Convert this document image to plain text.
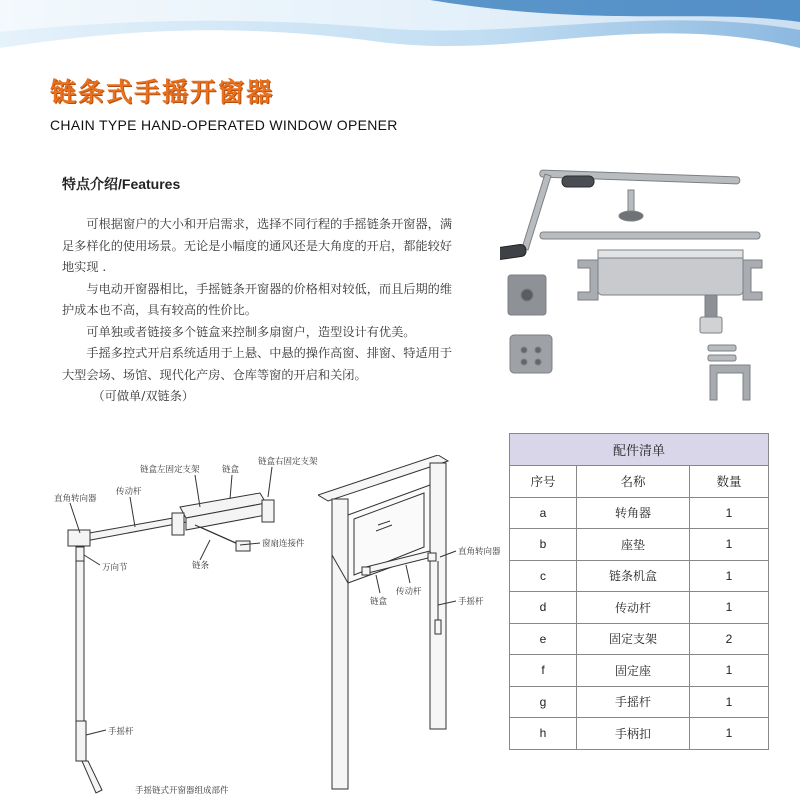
链条式手摇开窗器
CHAIN TYPE HAND-OPERATED WINDOW OPENER
特点介绍/Features

可根据窗户的大小和开启需求，选择不同行程的手摇链条开窗器，满足多样化的使用场景。无论是小幅度的通风还是大角度的开启，都能较好地实现 .

与电动开窗器相比，手摇链条开窗器的价格相对较低，而且后期的维护成本也不高，具有较高的性价比。

可单独或者链接多个链盒来控制多扇窗户，造型设计有优美。

手摇多控式开启系统适用于上悬、中悬的操作高窗、排窗、特适用于大型会场、场馆、现代化产房、仓库等窗的开启和关闭。

（可做单/双链条）

链盒左固定支架	链盒
链盒右固定支架
直角转向器
传动杆
万向节
窗扇连接件
链条
手摇杆
手摇链式开窗器组成部件
直角转向器
链盒
传动杆
手摇杆
配件清单		
序号	名称	数量
a	转角器	1
b	座垫	1
c	链条机盒	1
d	传动杆	1
e	固定支架	2
f	固定座	1
g	手摇杆	1
h	手柄扣	1
